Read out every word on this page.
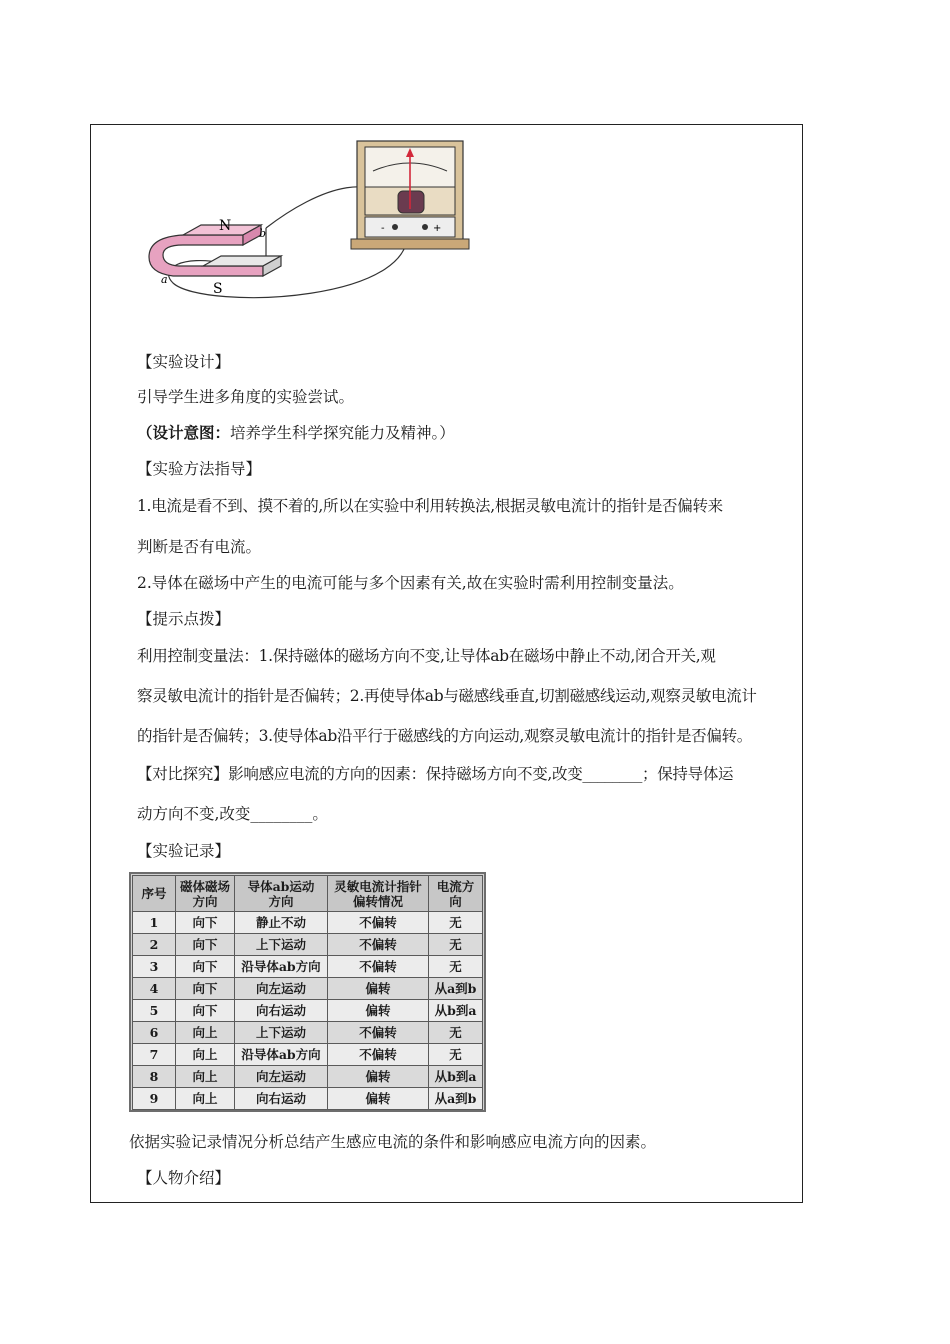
N
S
a
b	-	+
【实验设计】
引导学生进多角度的实验尝试。
（设计意图：培养学生科学探究能力及精神。）
【实验方法指导】
1.电流是看不到、摸不着的,所以在实验中利用转换法,根据灵敏电流计的指针是否偏转来
判断是否有电流。
2.导体在磁场中产生的电流可能与多个因素有关,故在实验时需利用控制变量法。
【提示点拨】
利用控制变量法：1.保持磁体的磁场方向不变,让导体ab在磁场中静止不动,闭合开关,观
察灵敏电流计的指针是否偏转；2.再使导体ab与磁感线垂直,切割磁感线运动,观察灵敏电流计
的指针是否偏转；3.使导体ab沿平行于磁感线的方向运动,观察灵敏电流计的指针是否偏转。
【对比探究】影响感应电流的方向的因素：保持磁场方向不变,改变________；保持导体运
动方向不变,改变________。
【实验记录】
序号	磁体磁场方向	导体ab运动方向	灵敏电流计指针偏转情况	电流方向
1	向下	静止不动	不偏转	无
2	向下	上下运动	不偏转	无
3	向下	沿导体ab方向	不偏转	无
4	向下	向左运动	偏转	从a到b
5	向下	向右运动	偏转	从b到a
6	向上	上下运动	不偏转	无
7	向上	沿导体ab方向	不偏转	无
8	向上	向左运动	偏转	从b到a
9	向上	向右运动	偏转	从a到b
依据实验记录情况分析总结产生感应电流的条件和影响感应电流方向的因素。
【人物介绍】
